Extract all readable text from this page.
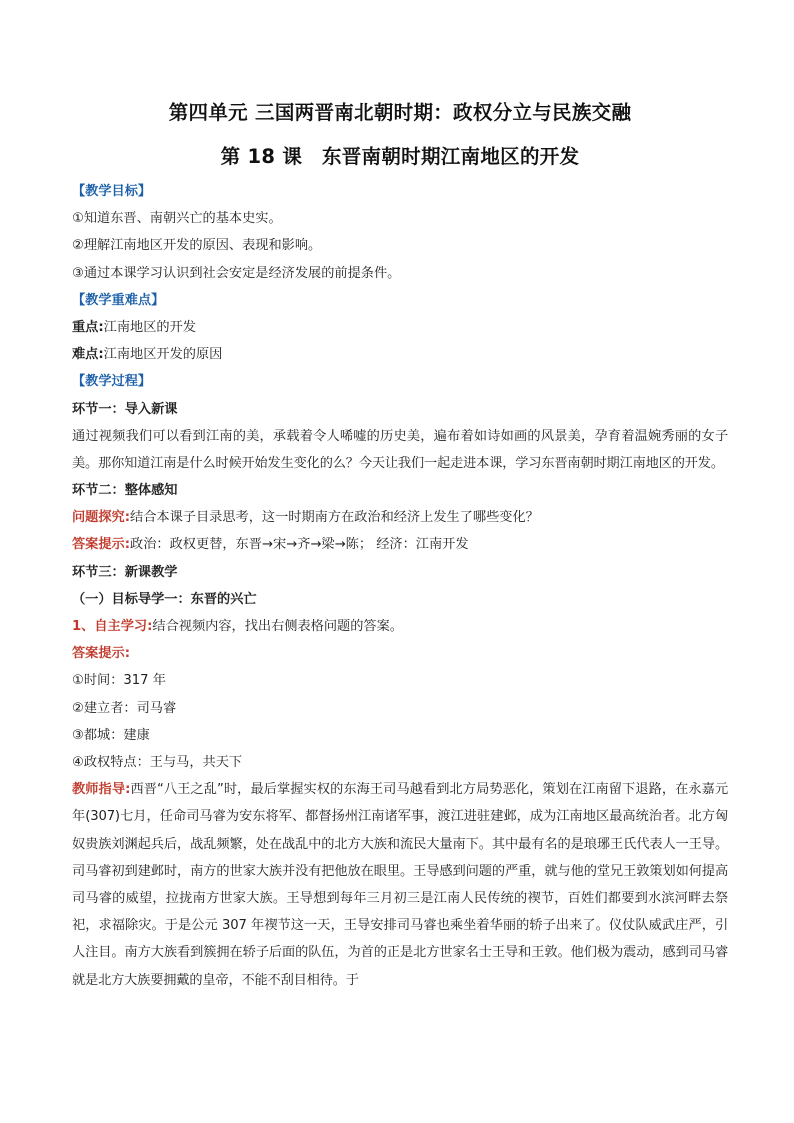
第四单元 三国两晋南北朝时期：政权分立与民族交融
第 18 课　东晋南朝时期江南地区的开发
【教学目标】
①知道东晋、南朝兴亡的基本史实。
②理解江南地区开发的原因、表现和影响。
③通过本课学习认识到社会安定是经济发展的前提条件。
【教学重难点】
重点:江南地区的开发
难点:江南地区开发的原因
【教学过程】
环节一：导入新课
通过视频我们可以看到江南的美，承载着令人唏嘘的历史美，遍布着如诗如画的风景美，孕育着温婉秀丽的女子美。那你知道江南是什么时候开始发生变化的么？今天让我们一起走进本课，学习东晋南朝时期江南地区的开发。
环节二：整体感知
问题探究:结合本课子目录思考，这一时期南方在政治和经济上发生了哪些变化？
答案提示:政治：政权更替，东晋→宋→齐→梁→陈； 经济：江南开发
环节三：新课教学
（一）目标导学一：东晋的兴亡
1、自主学习:结合视频内容，找出右侧表格问题的答案。
答案提示:
①时间：317 年
②建立者：司马睿
③都城：建康
④政权特点：王与马，共天下
教师指导:西晋“八王之乱”时，最后掌握实权的东海王司马越看到北方局势恶化，策划在江南留下退路，在永嘉元年(307)七月，任命司马睿为安东将军、都督扬州江南诸军事，渡江进驻建邺，成为江南地区最高统治者。北方匈奴贵族刘渊起兵后，战乱频繁，处在战乱中的北方大族和流民大量南下。其中最有名的是琅琊王氏代表人一王导。司马睿初到建邺时，南方的世家大族并没有把他放在眼里。王导感到问题的严重，就与他的堂兄王敦策划如何提高司马睿的威望，拉拢南方世家大族。王导想到每年三月初三是江南人民传统的禊节，百姓们都要到水滨河畔去祭祀，求福除灾。于是公元 307 年禊节这一天，王导安排司马睿也乘坐着华丽的轿子出来了。仪仗队威武庄严，引人注目。南方大族看到簇拥在轿子后面的队伍，为首的正是北方世家名士王导和王敦。他们极为震动，感到司马睿就是北方大族要拥戴的皇帝，不能不刮目相待。于
